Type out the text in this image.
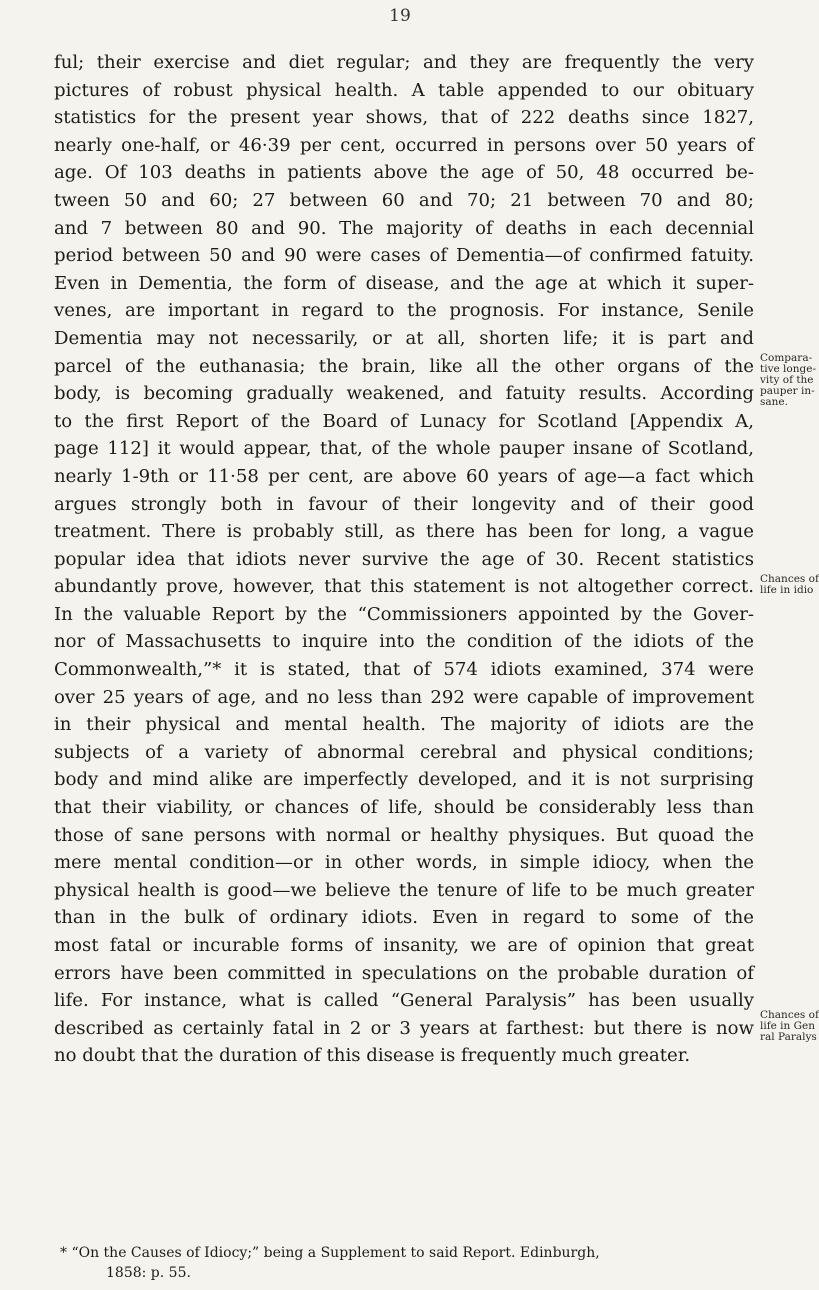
19
ful; their exercise and diet regular; and they are frequently the very
pictures of robust physical health. A table appended to our obituary
statistics for the present year shows, that of 222 deaths since 1827,
nearly one-half, or 46·39 per cent, occurred in persons over 50 years of
age. Of 103 deaths in patients above the age of 50, 48 occurred be-
tween 50 and 60; 27 between 60 and 70; 21 between 70 and 80;
and 7 between 80 and 90. The majority of deaths in each decennial
period between 50 and 90 were cases of Dementia—of confirmed fatuity.
Even in Dementia, the form of disease, and the age at which it super-
venes, are important in regard to the prognosis. For instance, Senile
Dementia may not necessarily, or at all, shorten life; it is part and
parcel of the euthanasia; the brain, like all the other organs of the
body, is becoming gradually weakened, and fatuity results. According
to the first Report of the Board of Lunacy for Scotland [Appendix A,
page 112] it would appear, that, of the whole pauper insane of Scotland,
nearly 1-9th or 11·58 per cent, are above 60 years of age—a fact which
argues strongly both in favour of their longevity and of their good
treatment. There is probably still, as there has been for long, a vague
popular idea that idiots never survive the age of 30. Recent statistics
abundantly prove, however, that this statement is not altogether correct.
In the valuable Report by the “Commissioners appointed by the Gover-
nor of Massachusetts to inquire into the condition of the idiots of the
Commonwealth,”* it is stated, that of 574 idiots examined, 374 were
over 25 years of age, and no less than 292 were capable of improvement
in their physical and mental health. The majority of idiots are the
subjects of a variety of abnormal cerebral and physical conditions;
body and mind alike are imperfectly developed, and it is not surprising
that their viability, or chances of life, should be considerably less than
those of sane persons with normal or healthy physiques. But quoad the
mere mental condition—or in other words, in simple idiocy, when the
physical health is good—we believe the tenure of life to be much greater
than in the bulk of ordinary idiots. Even in regard to some of the
most fatal or incurable forms of insanity, we are of opinion that great
errors have been committed in speculations on the probable duration of
life. For instance, what is called “General Paralysis” has been usually
described as certainly fatal in 2 or 3 years at farthest: but there is now
no doubt that the duration of this disease is frequently much greater.
Compara-
tive longe-
vity of the
pauper in-
sane.
Chances of
life in idio
Chances of
life in Gen
ral Paralys
* “On the Causes of Idiocy;” being a Supplement to said Report. Edinburgh,
1858: p. 55.
